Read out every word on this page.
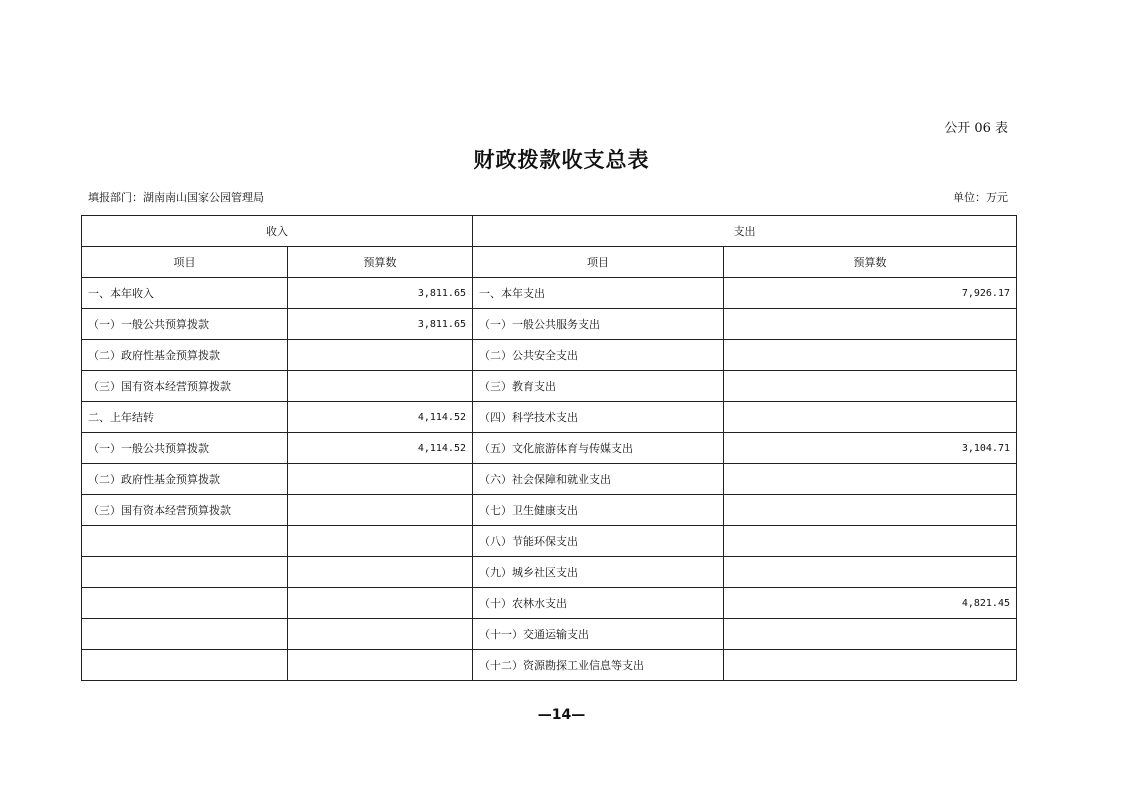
公开 06 表
财政拨款收支总表
填报部门：湖南南山国家公园管理局	单位：万元
收入		支出	
项目	预算数	项目	预算数
一、本年收入	3,811.65	一、本年支出	7,926.17
（一）一般公共预算拨款	3,811.65	（一）一般公共服务支出	
（二）政府性基金预算拨款		（二）公共安全支出	
（三）国有资本经营预算拨款		（三）教育支出	
二、上年结转	4,114.52	（四）科学技术支出	
（一）一般公共预算拨款	4,114.52	（五）文化旅游体育与传媒支出	3,104.71
（二）政府性基金预算拨款		（六）社会保障和就业支出	
（三）国有资本经营预算拨款		（七）卫生健康支出	
		（八）节能环保支出	
		（九）城乡社区支出	
		（十）农林水支出	4,821.45
		（十一）交通运输支出	
		（十二）资源勘探工业信息等支出	
—14—
